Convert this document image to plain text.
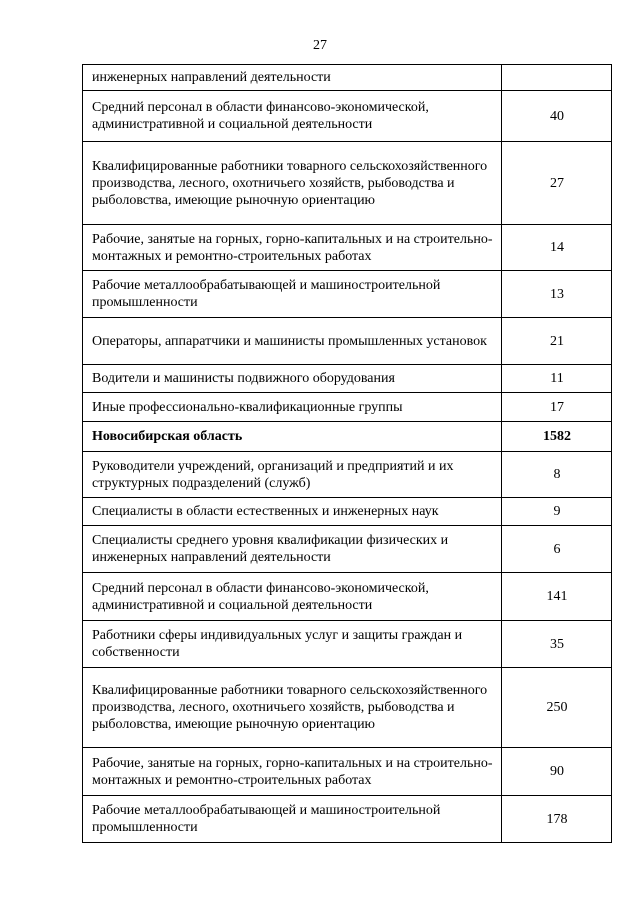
27
инженерных направлений деятельности	
Средний персонал в области финансово-экономической, административной и социальной деятельности	40
Квалифицированные работники товарного сельскохозяйственного производства, лесного, охотничьего хозяйств, рыбоводства и рыболовства, имеющие рыночную ориентацию	27
Рабочие, занятые на горных, горно-капитальных и на строительно-монтажных и ремонтно-строительных работах	14
Рабочие металлообрабатывающей и машиностроительной промышленности	13
Операторы, аппаратчики и машинисты промышленных установок	21
Водители и машинисты подвижного оборудования	11
Иные профессионально-квалификационные группы	17
Новосибирская область	1582
Руководители учреждений, организаций и предприятий и их структурных подразделений (служб)	8
Специалисты в области естественных и инженерных наук	9
Специалисты среднего уровня квалификации физических и инженерных направлений деятельности	6
Средний персонал в области финансово-экономической, административной и социальной деятельности	141
Работники сферы индивидуальных услуг и защиты граждан и собственности	35
Квалифицированные работники товарного сельскохозяйственного производства, лесного, охотничьего хозяйств, рыбоводства и рыболовства, имеющие рыночную ориентацию	250
Рабочие, занятые на горных, горно-капитальных и на строительно-монтажных и ремонтно-строительных работах	90
Рабочие металлообрабатывающей и машиностроительной промышленности	178
